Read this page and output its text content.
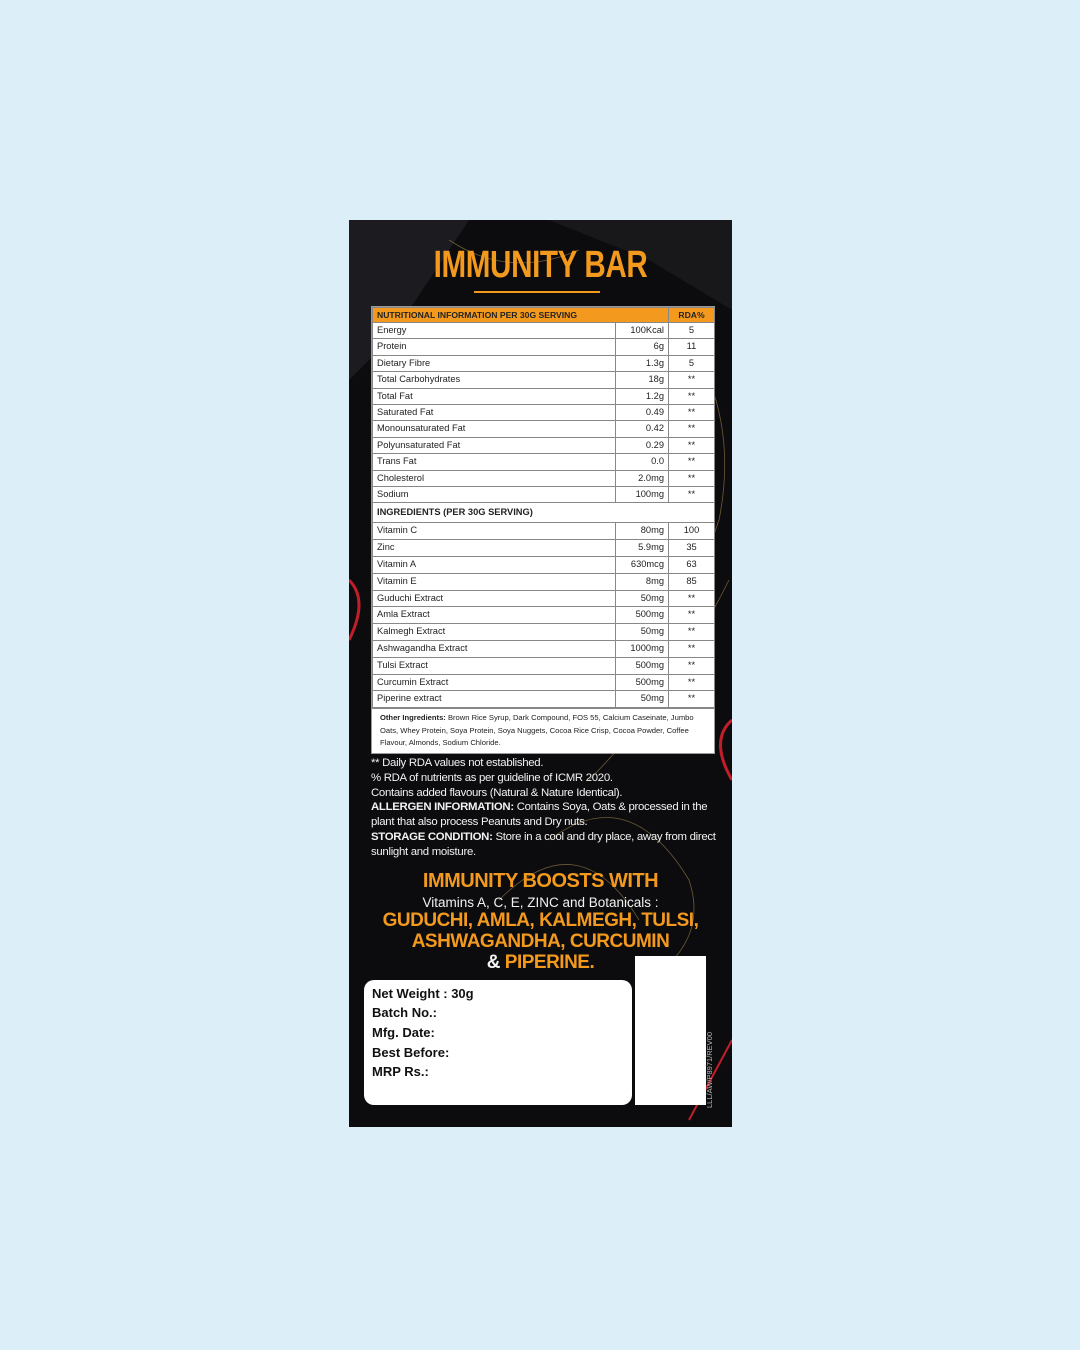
IMMUNITY BAR
NUTRITIONAL INFORMATION PER 30G SERVING		RDA%
Energy	100Kcal	5
Protein	6g	11
Dietary Fibre	1.3g	5
Total Carbohydrates	18g	**
Total Fat	1.2g	**
Saturated Fat	0.49	**
Monounsaturated Fat	0.42	**
Polyunsaturated Fat	0.29	**
Trans Fat	0.0	**
Cholesterol	2.0mg	**
Sodium	100mg	**
INGREDIENTS (PER 30G SERVING)		
Vitamin C	80mg	100
Zinc	5.9mg	35
Vitamin A	630mcg	63
Vitamin E	8mg	85
Guduchi Extract	50mg	**
Amla Extract	500mg	**
Kalmegh Extract	50mg	**
Ashwagandha Extract	1000mg	**
Tulsi Extract	500mg	**
Curcumin Extract	500mg	**
Piperine extract	50mg	**
Other Ingredients: Brown Rice Syrup, Dark Compound, FOS 55, Calcium Caseinate, Jumbo Oats, Whey Protein, Soya Protein, Soya Nuggets, Cocoa Rice Crisp, Cocoa Powder, Coffee Flavour, Almonds, Sodium Chloride.

** Daily RDA values not established.

% RDA of nutrients as per guideline of ICMR 2020.

Contains added flavours (Natural & Nature Identical).

ALLERGEN INFORMATION: Contains Soya, Oats & processed in the plant that also process Peanuts and Dry nuts.

STORAGE CONDITION: Store in a cool and dry place, away from direct sunlight and moisture.

IMMUNITY BOOSTS WITH
Vitamins A, C, E, ZINC and Botanicals :
GUDUCHI, AMLA, KALMEGH, TULSI,
ASHWAGANDHA, CURCUMIN
& PIPERINE.
Net Weight : 30g
Batch No.:
Mfg. Date:
Best Before:
MRP Rs.:	LLL/AW/P8971/REV00
